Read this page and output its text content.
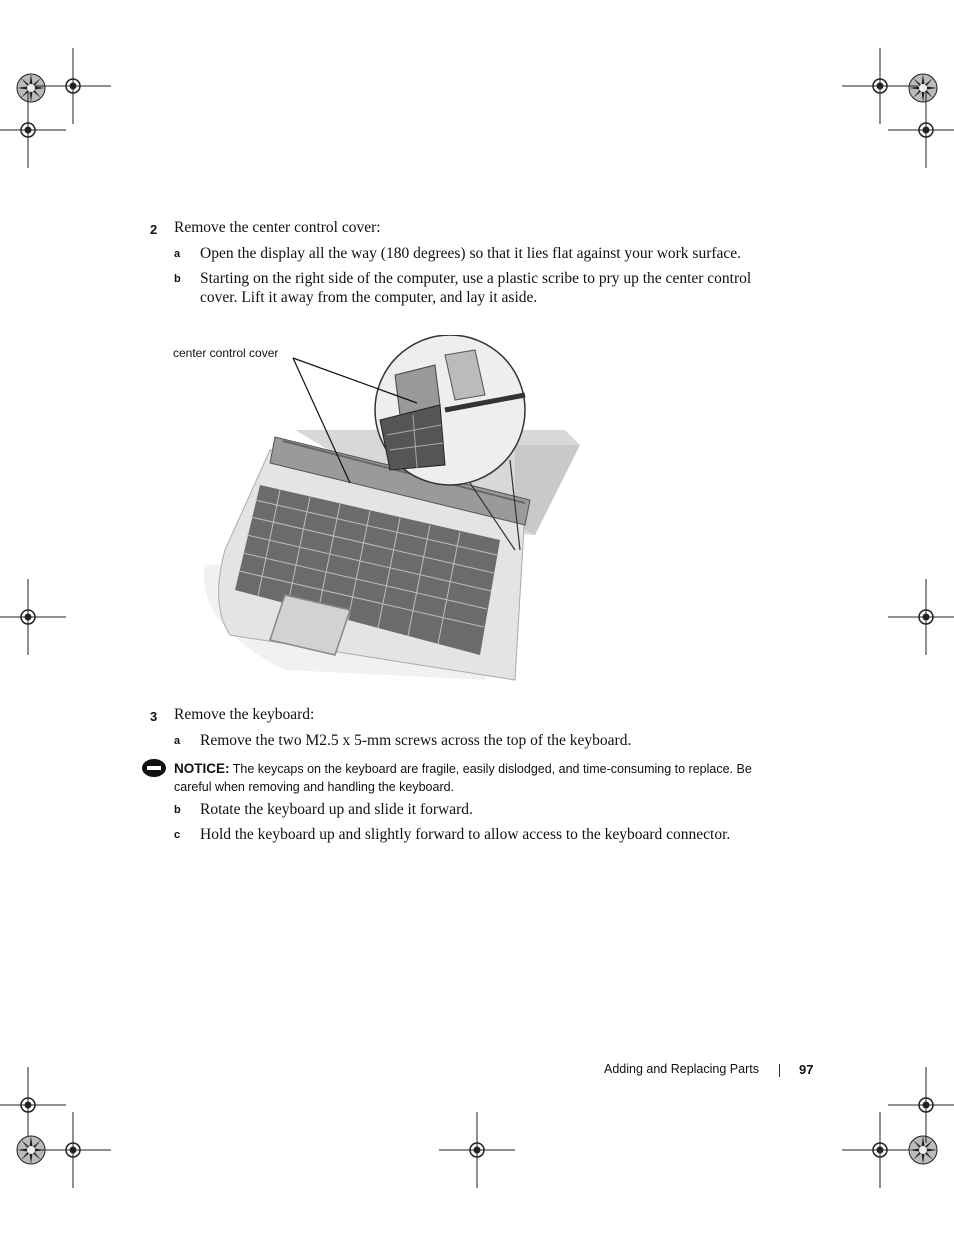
2 Remove the center control cover:
a Open the display all the way (180 degrees) so that it lies flat against your work surface.
b Starting on the right side of the computer, use a plastic scribe to pry up the center control cover. Lift it away from the computer, and lay it aside.
center control cover
3 Remove the keyboard:
a Remove the two M2.5 x 5-mm screws across the top of the keyboard.
NOTICE: The keycaps on the keyboard are fragile, easily dislodged, and time-consuming to replace. Be careful when removing and handling the keyboard.
b Rotate the keyboard up and slide it forward.
c Hold the keyboard up and slightly forward to allow access to the keyboard connector.
Adding and Replacing Parts	97
